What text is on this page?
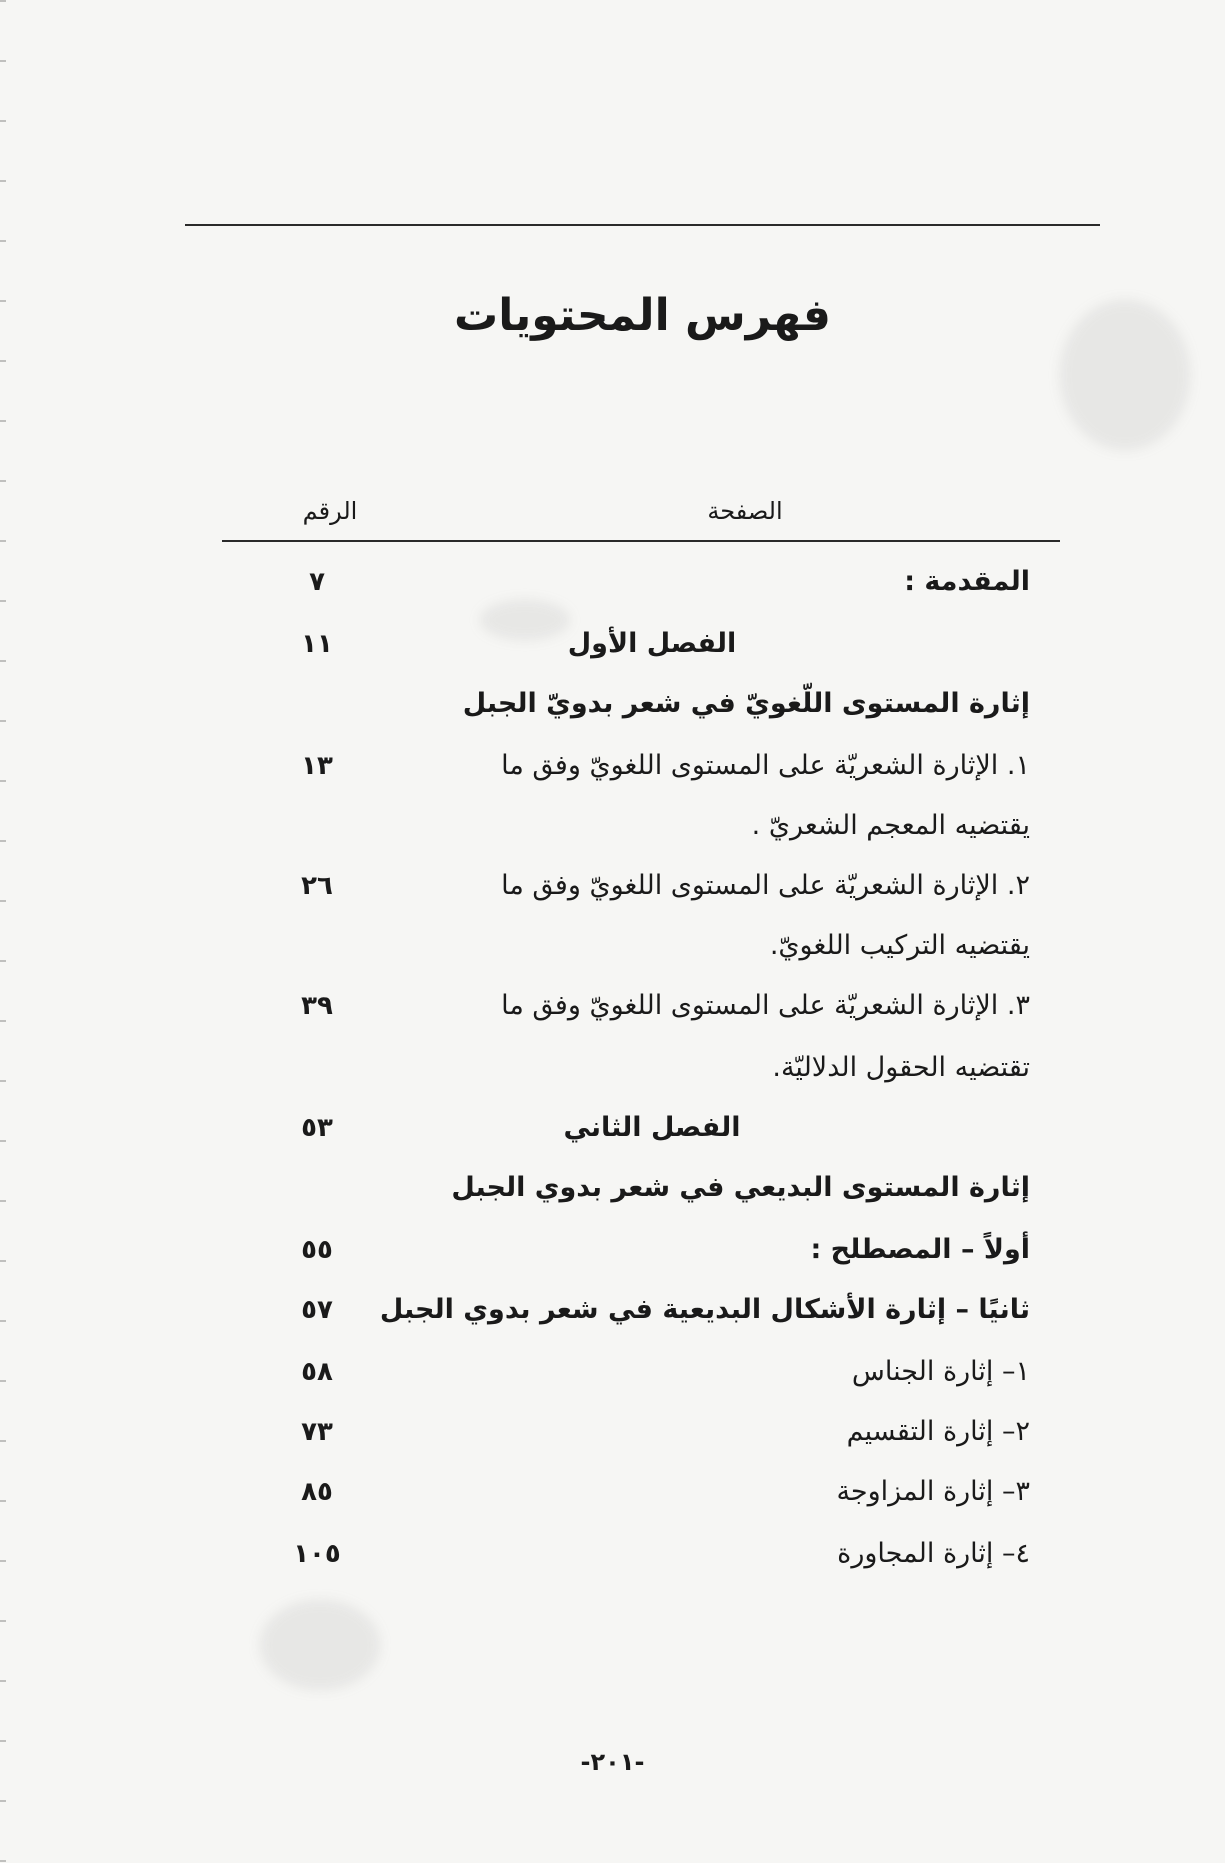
فهرس المحتويات
الرقم	الصفحة
المقدمة :
٧
الفصل الأول
١١
إثارة المستوى اللّغويّ في شعر بدويّ الجبل
١. الإثارة الشعريّة على المستوى اللغويّ وفق ما
١٣
يقتضيه المعجم الشعريّ .
٢. الإثارة الشعريّة على المستوى اللغويّ وفق ما
٢٦
يقتضيه التركيب اللغويّ.
٣. الإثارة الشعريّة على المستوى اللغويّ وفق ما
٣٩
تقتضيه الحقول الدلاليّة.
الفصل الثاني
٥٣
إثارة المستوى البديعي في شعر بدوي الجبل
أولاً – المصطلح :
٥٥
ثانيًا – إثارة الأشكال البديعية في شعر بدوي الجبل
٥٧
١– إثارة الجناس
٥٨
٢– إثارة التقسيم
٧٣
٣– إثارة المزاوجة
٨٥
٤– إثارة المجاورة
١٠٥
-٢٠١-
